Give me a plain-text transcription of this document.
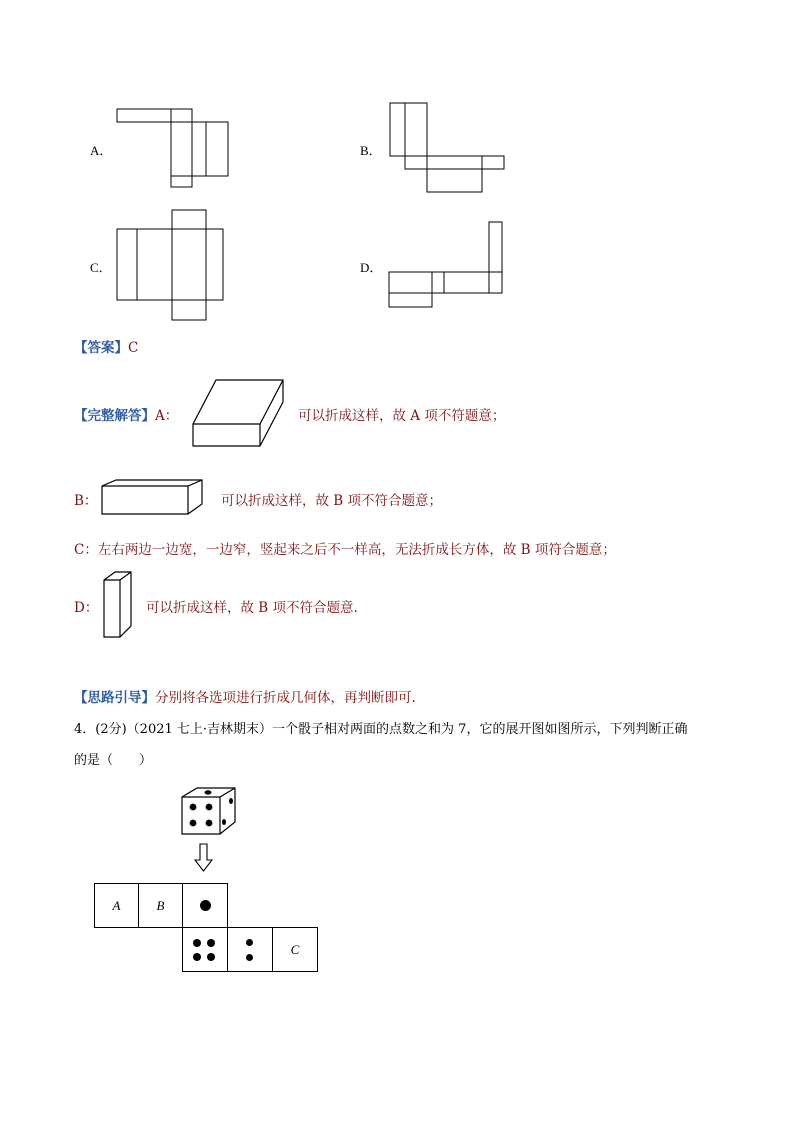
A．	B．
C．	D．
【答案】C
【完整解答】A：	可以折成这样，故 A 项不符题意；
B：	可以折成这样，故 B 项不符合题意；
C：左右两边一边宽，一边窄，竖起来之后不一样高，无法折成长方体，故 B 项符合题意；
D：	可以折成这样，故 B 项不符合题意.
【思路引导】分别将各选项进行折成几何体，再判断即可.
4．(2分)（2021 七上·吉林期末）一个骰子相对两面的点数之和为 7，它的展开图如图所示，下列判断正确
的是（　　）
A	B
C
